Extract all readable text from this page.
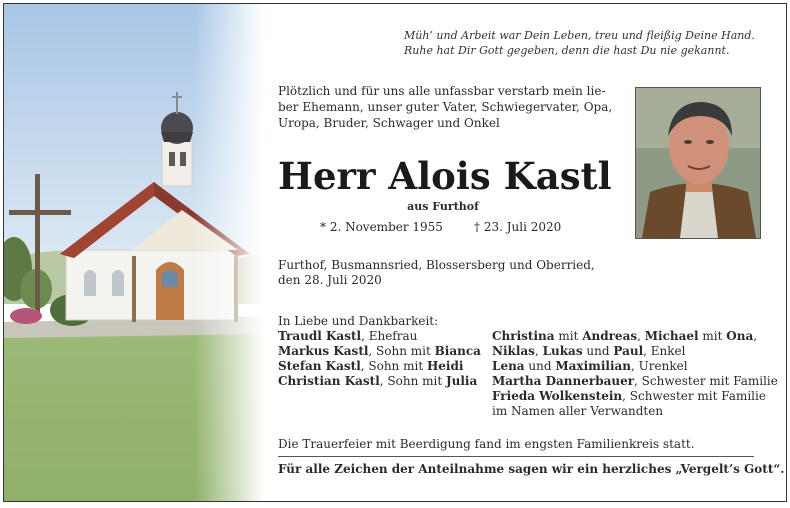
Müh’ und Arbeit war Dein Leben, treu und fleißig Deine Hand.
Ruhe hat Dir Gott gegeben, denn die hast Du nie gekannt.
Plötzlich und für uns alle unfassbar verstarb mein lie-
ber Ehemann, unser guter Vater, Schwiegervater, Opa,
Uropa, Bruder, Schwager und Onkel
Herr Alois Kastl
aus Furthof
* 2. November 1955	† 23. Juli 2020
Furthof, Busmannsried, Blossersberg und Oberried,
den 28. Juli 2020
In Liebe und Dankbarkeit:
Traudl Kastl, Ehefrau
Markus Kastl, Sohn mit Bianca
Stefan Kastl, Sohn mit Heidi
Christian Kastl, Sohn mit Julia
Christina mit Andreas, Michael mit Ona,
Niklas, Lukas und Paul, Enkel
Lena und Maximilian, Urenkel
Martha Dannerbauer, Schwester mit Familie
Frieda Wolkenstein, Schwester mit Familie
im Namen aller Verwandten
Die Trauerfeier mit Beerdigung fand im engsten Familienkreis statt.
Für alle Zeichen der Anteilnahme sagen wir ein herzliches „Vergelt’s Gott“.
